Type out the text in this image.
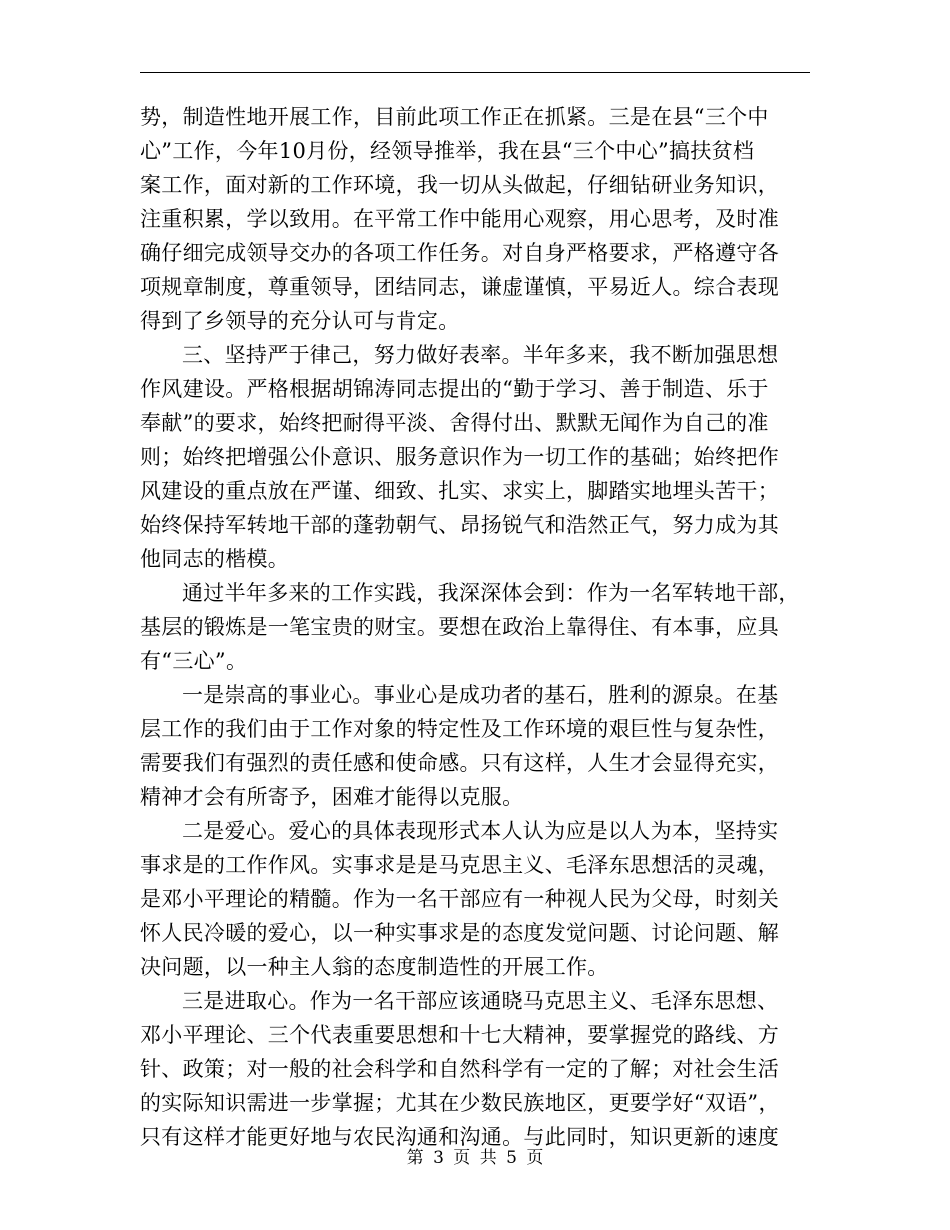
势，制造性地开展工作，目前此项工作正在抓紧。三是在县“三个中
心”工作，今年10月份，经领导推举，我在县“三个中心”搞扶贫档
案工作，面对新的工作环境，我一切从头做起，仔细钻研业务知识，
注重积累，学以致用。在平常工作中能用心观察，用心思考，及时准
确仔细完成领导交办的各项工作任务。对自身严格要求，严格遵守各
项规章制度，尊重领导，团结同志，谦虚谨慎，平易近人。综合表现
得到了乡领导的充分认可与肯定。
三、坚持严于律己，努力做好表率。半年多来，我不断加强思想
作风建设。严格根据胡锦涛同志提出的“勤于学习、善于制造、乐于
奉献”的要求，始终把耐得平淡、舍得付出、默默无闻作为自己的准
则；始终把增强公仆意识、服务意识作为一切工作的基础；始终把作
风建设的重点放在严谨、细致、扎实、求实上，脚踏实地埋头苦干；
始终保持军转地干部的蓬勃朝气、昂扬锐气和浩然正气，努力成为其
他同志的楷模。
通过半年多来的工作实践，我深深体会到：作为一名军转地干部，
基层的锻炼是一笔宝贵的财宝。要想在政治上靠得住、有本事，应具
有“三心”。
一是崇高的事业心。事业心是成功者的基石，胜利的源泉。在基
层工作的我们由于工作对象的特定性及工作环境的艰巨性与复杂性，
需要我们有强烈的责任感和使命感。只有这样，人生才会显得充实，
精神才会有所寄予，困难才能得以克服。
二是爱心。爱心的具体表现形式本人认为应是以人为本，坚持实
事求是的工作作风。实事求是是马克思主义、毛泽东思想活的灵魂，
是邓小平理论的精髓。作为一名干部应有一种视人民为父母，时刻关
怀人民冷暖的爱心，以一种实事求是的态度发觉问题、讨论问题、解
决问题，以一种主人翁的态度制造性的开展工作。
三是进取心。作为一名干部应该通晓马克思主义、毛泽东思想、
邓小平理论、三个代表重要思想和十七大精神，要掌握党的路线、方
针、政策；对一般的社会科学和自然科学有一定的了解；对社会生活
的实际知识需进一步掌握；尤其在少数民族地区，更要学好“双语”，
只有这样才能更好地与农民沟通和沟通。与此同时，知识更新的速度
第 3 页 共 5 页
